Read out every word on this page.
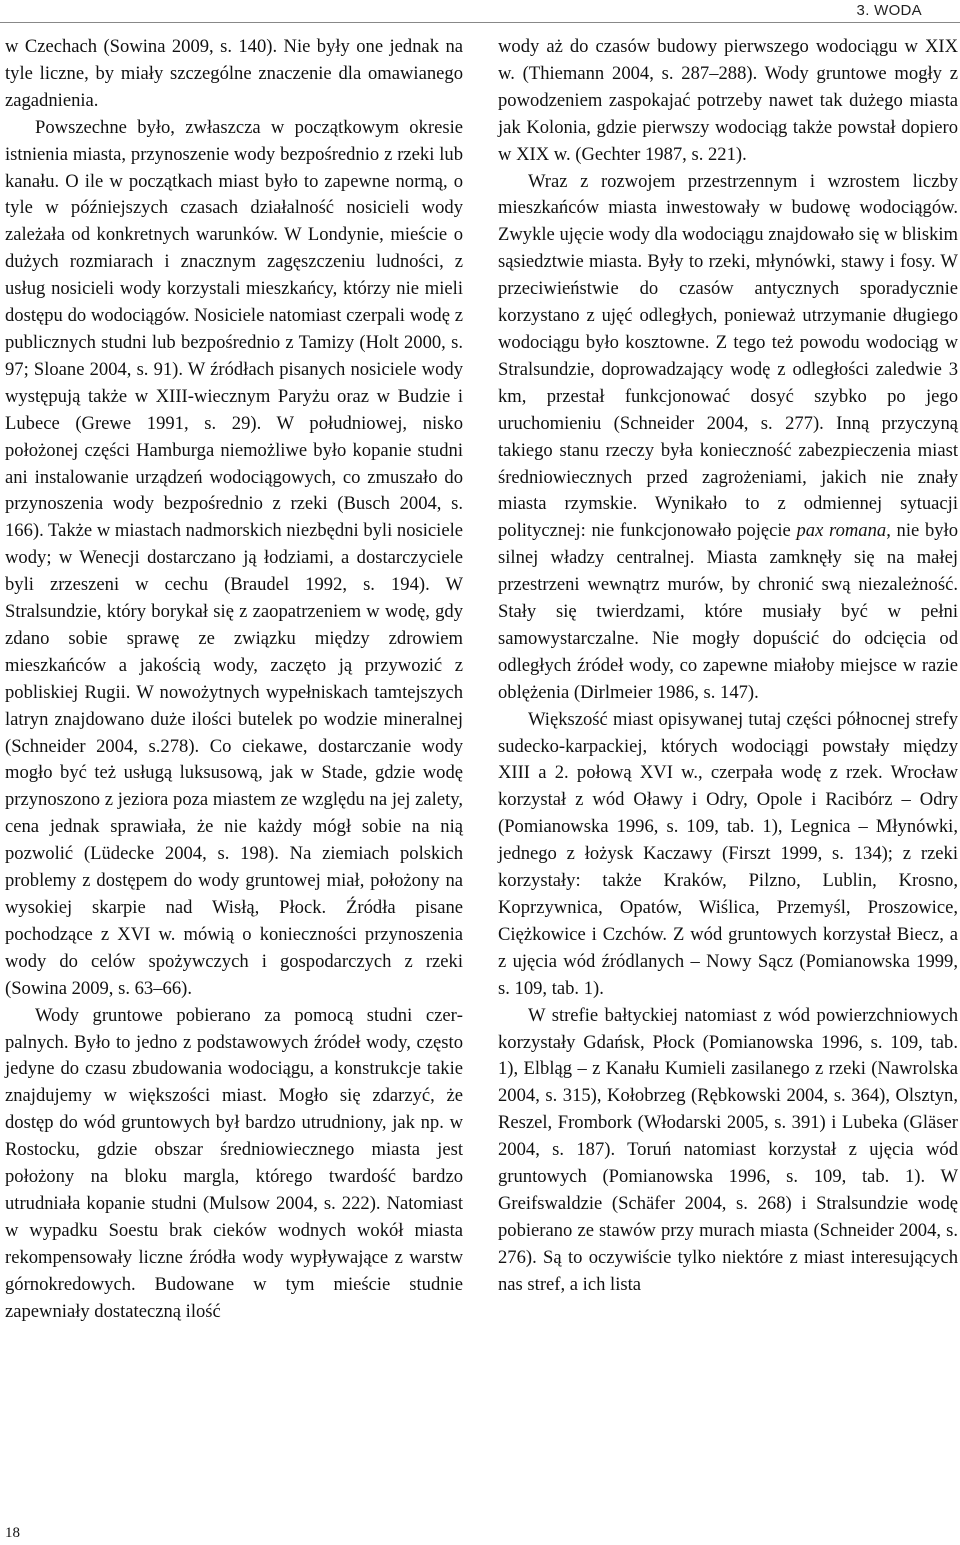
3. WODA

w Czechach (Sowina 2009, s. 140). Nie były one jednak na tyle liczne, by miały szczególne znaczenie dla omawianego zagadnienia.

Powszechne było, zwłaszcza w początkowym okresie istnienia miasta, przynoszenie wody bezpośrednio z rzeki lub kanału. O ile w początkach miast było to zapewne normą, o tyle w późniejszych czasach działalność nosicieli wody zależała od konkretnych warunków. W Londynie, mieście o dużych rozmiarach i znacznym zagęszczeniu ludności, z usług nosicieli wody korzystali mieszkańcy, którzy nie mieli dostępu do wodociągów. Nosiciele natomiast czerpali wodę z publicznych studni lub bezpośrednio z Tamizy (Holt 2000, s. 97; Sloane 2004, s. 91). W źródłach pisanych nosiciele wody występują także w XIII-wiecznym Paryżu oraz w Budzie i Lubece (Grewe 1991, s. 29). W południowej, nisko położonej części Hamburga niemożliwe było kopanie studni ani instalowanie urządzeń wodociągowych, co zmuszało do przynoszenia wody bezpośrednio z rzeki (Busch 2004, s. 166). Także w miastach nadmorskich niezbędni byli nosiciele wody; w Wenecji dostarczano ją łodziami, a dostarczyciele byli zrzeszeni w cechu (Braudel 1992, s. 194). W Stralsundzie, który borykał się z zaopatrzeniem w wodę, gdy zdano sobie sprawę ze związku między zdrowiem mieszkańców a jakością wody, zaczęto ją przywozić z pobliskiej Rugii. W nowożytnych wypełniskach tamtejszych latryn znajdowano duże ilości butelek po wodzie mineralnej (Schneider 2004, s.278). Co ciekawe, dostarczanie wody mogło być też usługą luksusową, jak w Stade, gdzie wodę przynoszono z jeziora poza miastem ze względu na jej zalety, cena jednak sprawiała, że nie każdy mógł sobie na nią pozwolić (Lüdecke 2004, s. 198). Na ziemiach polskich problemy z dostępem do wody gruntowej miał, położony na wysokiej skarpie nad Wisłą, Płock. Źródła pisane pochodzące z XVI w. mówią o konieczności przynoszenia wody do celów spożywczych i gospodarczych z rzeki (Sowina 2009, s. 63–66).

Wody gruntowe pobierano za pomocą studni czerpalnych. Było to jedno z podstawowych źródeł wody, często jedyne do czasu zbudowania wodociągu, a konstrukcje takie znajdujemy w większości miast. Mogło się zdarzyć, że dostęp do wód gruntowych był bardzo utrudniony, jak np. w Rostocku, gdzie obszar średniowiecznego miasta jest położony na bloku margla, którego twardość bardzo utrudniała kopanie studni (Mulsow 2004, s. 222). Natomiast w wypadku Soestu brak cieków wodnych wokół miasta rekompensowały liczne źródła wody wypływające z warstw górnokredowych. Budowane w tym mieście studnie zapewniały dostateczną ilość

wody aż do czasów budowy pierwszego wodociągu w XIX w. (Thiemann 2004, s. 287–288). Wody gruntowe mogły z powodzeniem zaspokajać potrzeby nawet tak dużego miasta jak Kolonia, gdzie pierwszy wodociąg także powstał dopiero w XIX w. (Gechter 1987, s. 221).

Wraz z rozwojem przestrzennym i wzrostem liczby mieszkańców miasta inwestowały w budowę wodociągów. Zwykle ujęcie wody dla wodociągu znajdowało się w bliskim sąsiedztwie miasta. Były to rzeki, młynówki, stawy i fosy. W przeciwieństwie do czasów antycznych sporadycznie korzystano z ujęć odległych, ponieważ utrzymanie długiego wodociągu było kosztowne. Z tego też powodu wodociąg w Stralsundzie, doprowadzający wodę z odległości zaledwie 3 km, przestał funkcjonować dosyć szybko po jego uruchomieniu (Schneider 2004, s. 277). Inną przyczyną takiego stanu rzeczy była konieczność zabezpieczenia miast średniowiecznych przed zagrożeniami, jakich nie znały miasta rzymskie. Wynikało to z odmiennej sytuacji politycznej: nie funkcjonowało pojęcie pax romana, nie było silnej władzy centralnej. Miasta zamknęły się na małej przestrzeni wewnątrz murów, by chronić swą niezależność. Stały się twierdzami, które musiały być w pełni samowystarczalne. Nie mogły dopuścić do odcięcia od odległych źródeł wody, co zapewne miałoby miejsce w razie oblężenia (Dirlmeier 1986, s. 147).

Większość miast opisywanej tutaj części północnej strefy sudecko-karpackiej, których wodociągi powstały między XIII a 2. połową XVI w., czerpała wodę z rzek. Wrocław korzystał z wód Oławy i Odry, Opole i Racibórz – Odry (Pomianowska 1996, s. 109, tab. 1), Legnica – Młynówki, jednego z łożysk Kaczawy (Firszt 1999, s. 134); z rzeki korzystały: także Kraków, Pilzno, Lublin, Krosno, Koprzywnica, Opatów, Wiślica, Przemyśl, Proszowice, Ciężkowice i Czchów. Z wód gruntowych korzystał Biecz, a z ujęcia wód źródlanych – Nowy Sącz (Pomianowska 1999, s. 109, tab. 1).

W strefie bałtyckiej natomiast z wód powierzchniowych korzystały Gdańsk, Płock (Pomianowska 1996, s. 109, tab. 1), Elbląg – z Kanału Kumieli zasilanego z rzeki (Nawrolska 2004, s. 315), Kołobrzeg (Rębkowski 2004, s. 364), Olsztyn, Reszel, Frombork (Włodarski 2005, s. 391) i Lubeka (Gläser 2004, s. 187). Toruń natomiast korzystał z ujęcia wód gruntowych (Pomianowska 1996, s. 109, tab. 1). W Greifswaldzie (Schäfer 2004, s. 268) i Stralsundzie wodę pobierano ze stawów przy murach miasta (Schneider 2004, s. 276). Są to oczywiście tylko niektóre z miast interesujących nas stref, a ich lista

18
